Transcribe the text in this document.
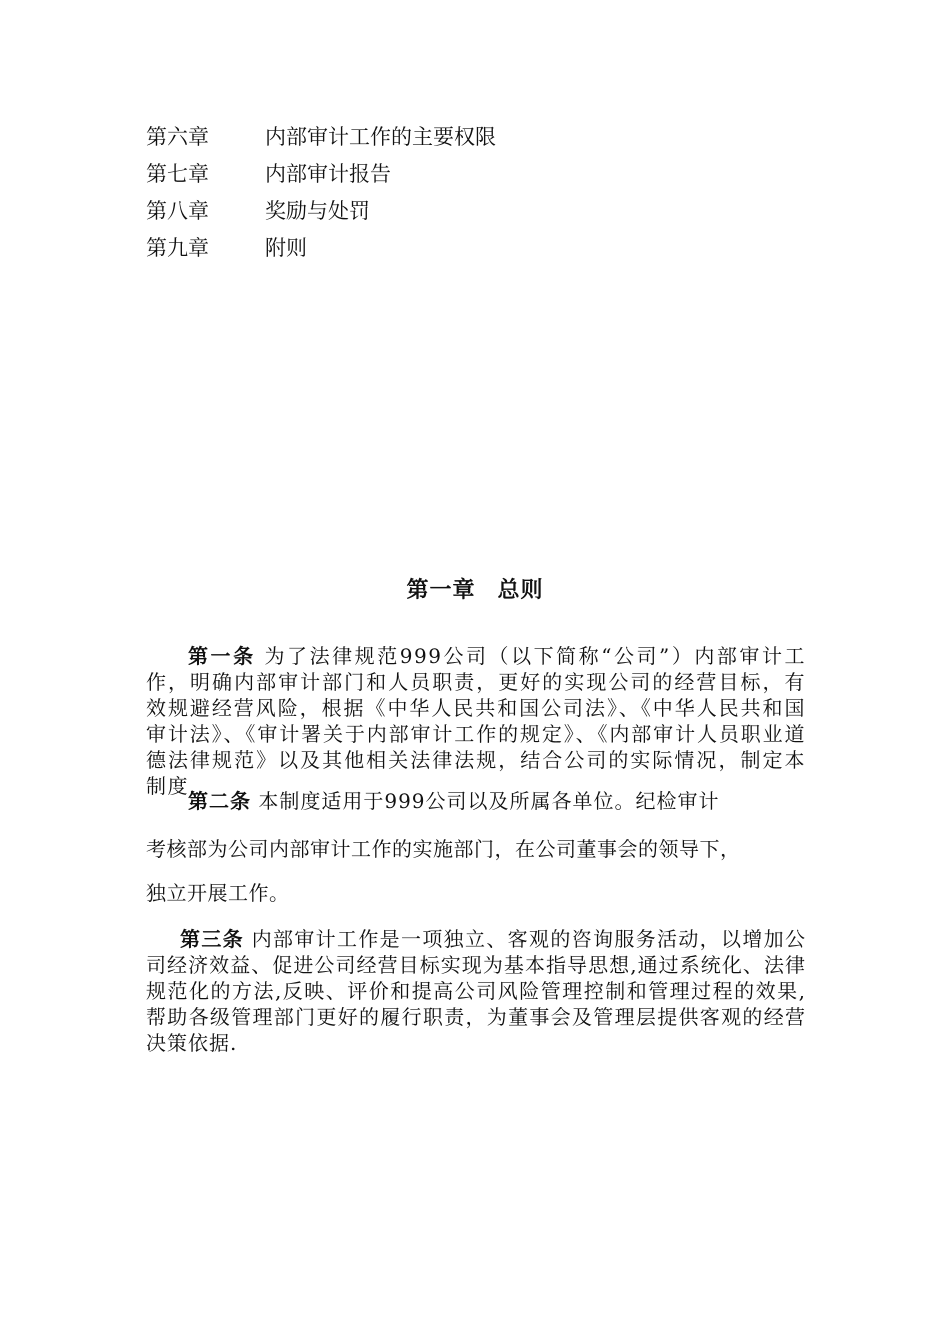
第六章	内部审计工作的主要权限
第七章	内部审计报告
第八章	奖励与处罚
第九章	附则
第一章 总则
第一条 为了法律规范999公司（以下简称“公司”）内部审计工作，明确内部审计部门和人员职责，更好的实现公司的经营目标，有效规避经营风险，根据《中华人民共和国公司法》、《中华人民共和国审计法》、《审计署关于内部审计工作的规定》、《内部审计人员职业道德法律规范》以及其他相关法律法规，结合公司的实际情况，制定本制度.
第二条 本制度适用于999公司以及所属各单位。纪检审计
考核部为公司内部审计工作的实施部门，在公司董事会的领导下，
独立开展工作。
第三条 内部审计工作是一项独立、客观的咨询服务活动，以增加公司经济效益、促进公司经营目标实现为基本指导思想,通过系统化、法律规范化的方法,反映、评价和提高公司风险管理控制和管理过程的效果,帮助各级管理部门更好的履行职责，为董事会及管理层提供客观的经营决策依据.
